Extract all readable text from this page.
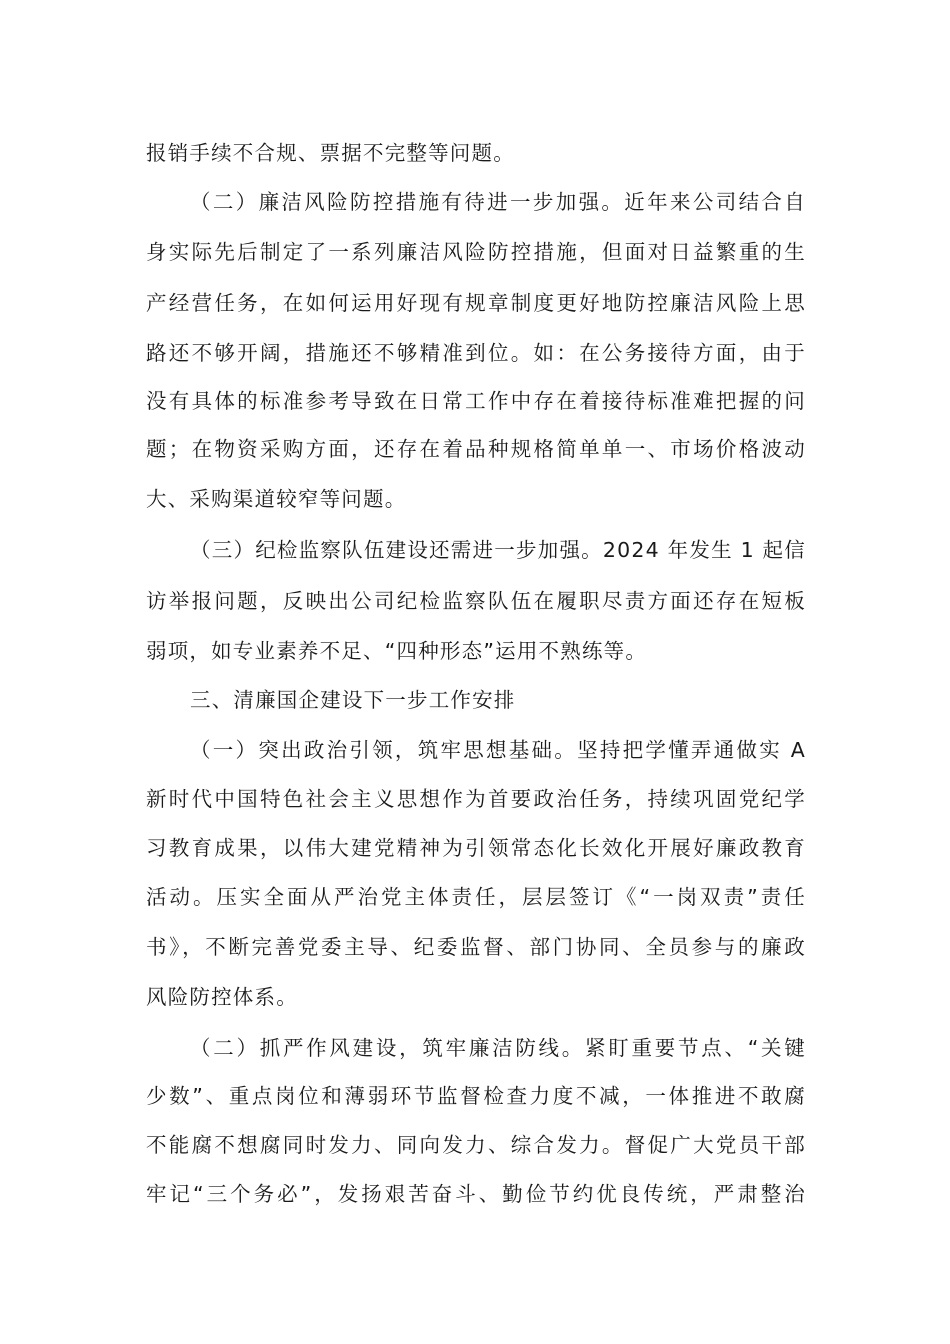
报销手续不合规、票据不完整等问题。
（二）廉洁风险防控措施有待进一步加强。近年来公司结合自
身实际先后制定了一系列廉洁风险防控措施，但面对日益繁重的生
产经营任务，在如何运用好现有规章制度更好地防控廉洁风险上思
路还不够开阔，措施还不够精准到位。如：在公务接待方面，由于
没有具体的标准参考导致在日常工作中存在着接待标准难把握的问
题；在物资采购方面，还存在着品种规格简单单一、市场价格波动
大、采购渠道较窄等问题。
（三）纪检监察队伍建设还需进一步加强。2024 年发生 1 起信
访举报问题，反映出公司纪检监察队伍在履职尽责方面还存在短板
弱项，如专业素养不足、“四种形态”运用不熟练等。
三、清廉国企建设下一步工作安排
（一）突出政治引领，筑牢思想基础。坚持把学懂弄通做实 A
新时代中国特色社会主义思想作为首要政治任务，持续巩固党纪学
习教育成果，以伟大建党精神为引领常态化长效化开展好廉政教育
活动。压实全面从严治党主体责任，层层签订《“一岗双责”责任
书》，不断完善党委主导、纪委监督、部门协同、全员参与的廉政
风险防控体系。
（二）抓严作风建设，筑牢廉洁防线。紧盯重要节点、“关键
少数”、重点岗位和薄弱环节监督检查力度不减，一体推进不敢腐
不能腐不想腐同时发力、同向发力、综合发力。督促广大党员干部
牢记“三个务必”，发扬艰苦奋斗、勤俭节约优良传统，严肃整治
